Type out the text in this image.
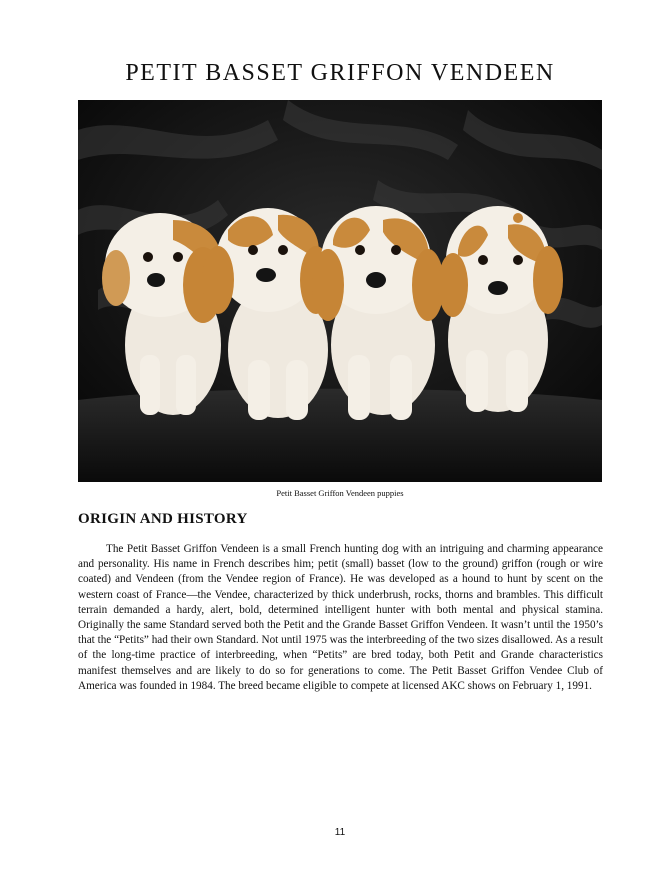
PETIT BASSET GRIFFON VENDEEN
Petit Basset Griffon Vendeen puppies
ORIGIN AND HISTORY

The Petit Basset Griffon Vendeen is a small French hunting dog with an intriguing and charming appearance and personality. His name in French describes him; petit (small) basset (low to the ground) griffon (rough or wire coated) and Vendeen (from the Vendee region of France). He was developed as a hound to hunt by scent on the western coast of France—the Vendee, characterized by thick underbrush, rocks, thorns and brambles. This difficult terrain demanded a hardy, alert, bold, determined intelligent hunter with both mental and physical stamina. Originally the same Standard served both the Petit and the Grande Basset Griffon Vendeen. It wasn’t until the 1950’s that the “Petits” had their own Standard. Not until 1975 was the interbreeding of the two sizes disallowed. As a result of the long-time practice of interbreeding, when “Petits” are bred today, both Petit and Grande characteristics manifest themselves and are likely to do so for generations to come. The Petit Basset Griffon Vendee Club of America was founded in 1984. The breed became eligible to compete at licensed AKC shows on February 1, 1991.

11
